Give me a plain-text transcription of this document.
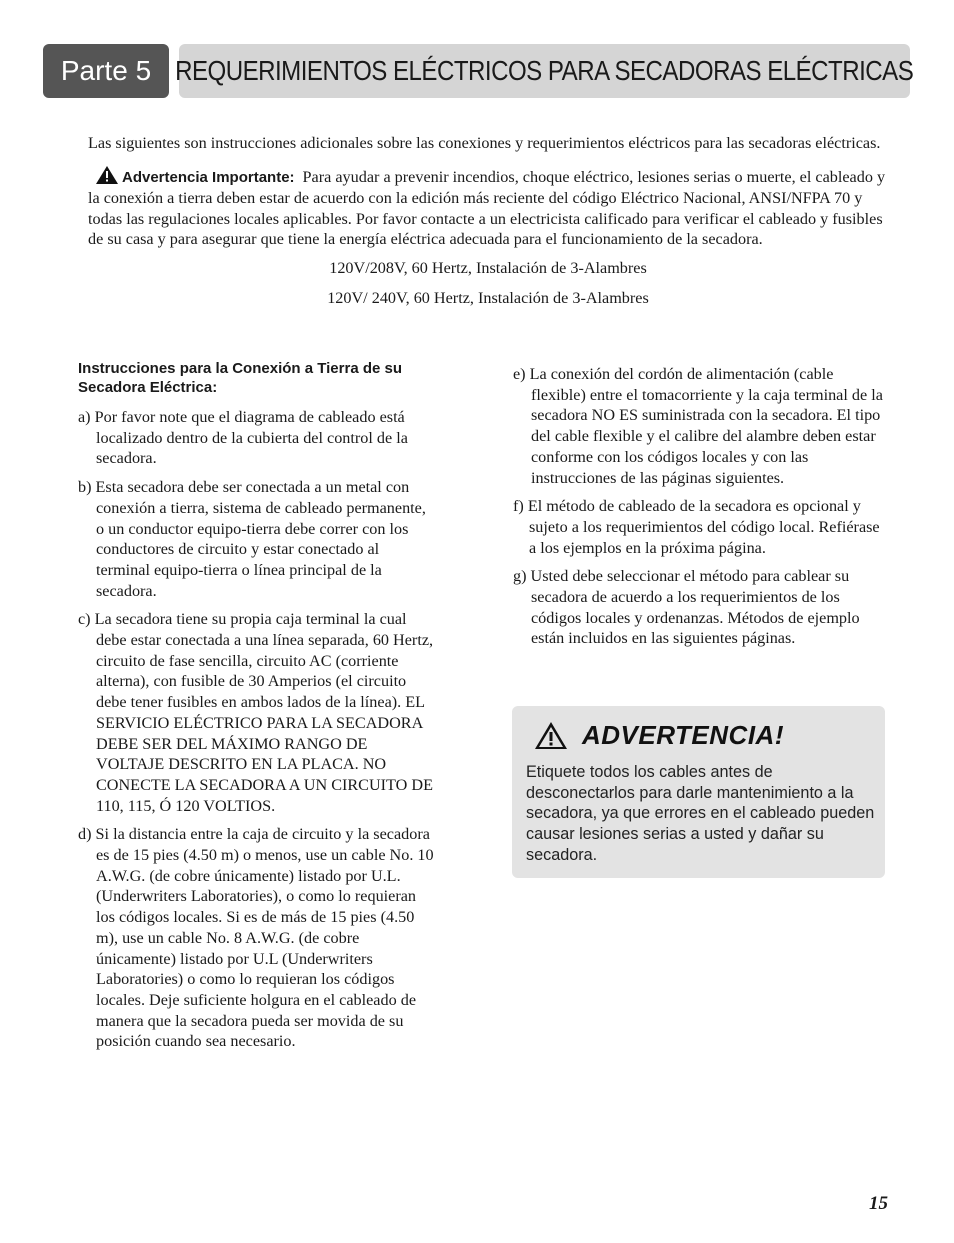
Parte 5 REQUERIMIENTOS ELÉCTRICOS PARA SECADORAS ELÉCTRICAS

Las siguientes son instrucciones adicionales sobre las conexiones y requerimientos eléctricos para las secadoras eléctricas.

Advertencia Importante: Para ayudar a prevenir incendios, choque eléctrico, lesiones serias o muerte, el cableado y la conexión a tierra deben estar de acuerdo con la edición más reciente del código Eléctrico Nacional, ANSI/NFPA 70 y todas las regulaciones locales aplicables. Por favor contacte a un electricista calificado para verificar el cableado y fusibles de su casa y para asegurar que tiene la energía eléctrica adecuada para el funcionamiento de la secadora.

120V/208V, 60 Hertz, Instalación de 3-Alambres

120V/ 240V, 60 Hertz, Instalación de 3-Alambres

Instrucciones para la Conexión a Tierra de su Secadora Eléctrica:

a) Por favor note que el diagrama de cableado está localizado dentro de la cubierta del control de la secadora.

b) Esta secadora debe ser conectada a un metal con conexión a tierra, sistema de cableado permanente, o un conductor equipo-tierra debe correr con los conductores de circuito y estar conectado al terminal equipo-tierra o línea principal de la secadora.

c) La secadora tiene su propia caja terminal la cual debe estar conectada a una línea separada, 60 Hertz, circuito de fase sencilla, circuito AC (corriente alterna), con fusible de 30 Amperios (el circuito debe tener fusibles en ambos lados de la línea). EL SERVICIO ELÉCTRICO PARA LA SECADORA DEBE SER DEL MÁXIMO RANGO DE VOLTAJE DESCRITO EN LA PLACA. NO CONECTE LA SECADORA A UN CIRCUITO DE 110, 115, Ó 120 VOLTIOS.

d) Si la distancia entre la caja de circuito y la secadora es de 15 pies (4.50 m) o menos, use un cable No. 10 A.W.G. (de cobre únicamente) listado por U.L. (Underwriters Laboratories), o como lo requieran los códigos locales. Si es de más de 15 pies (4.50 m), use un cable No. 8 A.W.G. (de cobre únicamente) listado por U.L (Underwriters Laboratories) o como lo requieran los códigos locales. Deje suficiente holgura en el cableado de manera que la secadora pueda ser movida de su posición cuando sea necesario.

e) La conexión del cordón de alimentación (cable flexible) entre el tomacorriente y la caja terminal de la secadora NO ES suministrada con la secadora. El tipo del cable flexible y el calibre del alambre deben estar conforme con los códigos locales y con las instrucciones de las páginas siguientes.

f) El método de cableado de la secadora es opcional y sujeto a los requerimientos del código local. Refiérase a los ejemplos en la próxima página.

g) Usted debe seleccionar el método para cablear su secadora de acuerdo a los requerimientos de los códigos locales y ordenanzas. Métodos de ejemplo están incluidos en las siguientes páginas.

ADVERTENCIA!
Etiquete todos los cables antes de desconectarlos para darle mantenimiento a la secadora, ya que errores en el cableado pueden causar lesiones serias a usted y dañar su secadora.
15
